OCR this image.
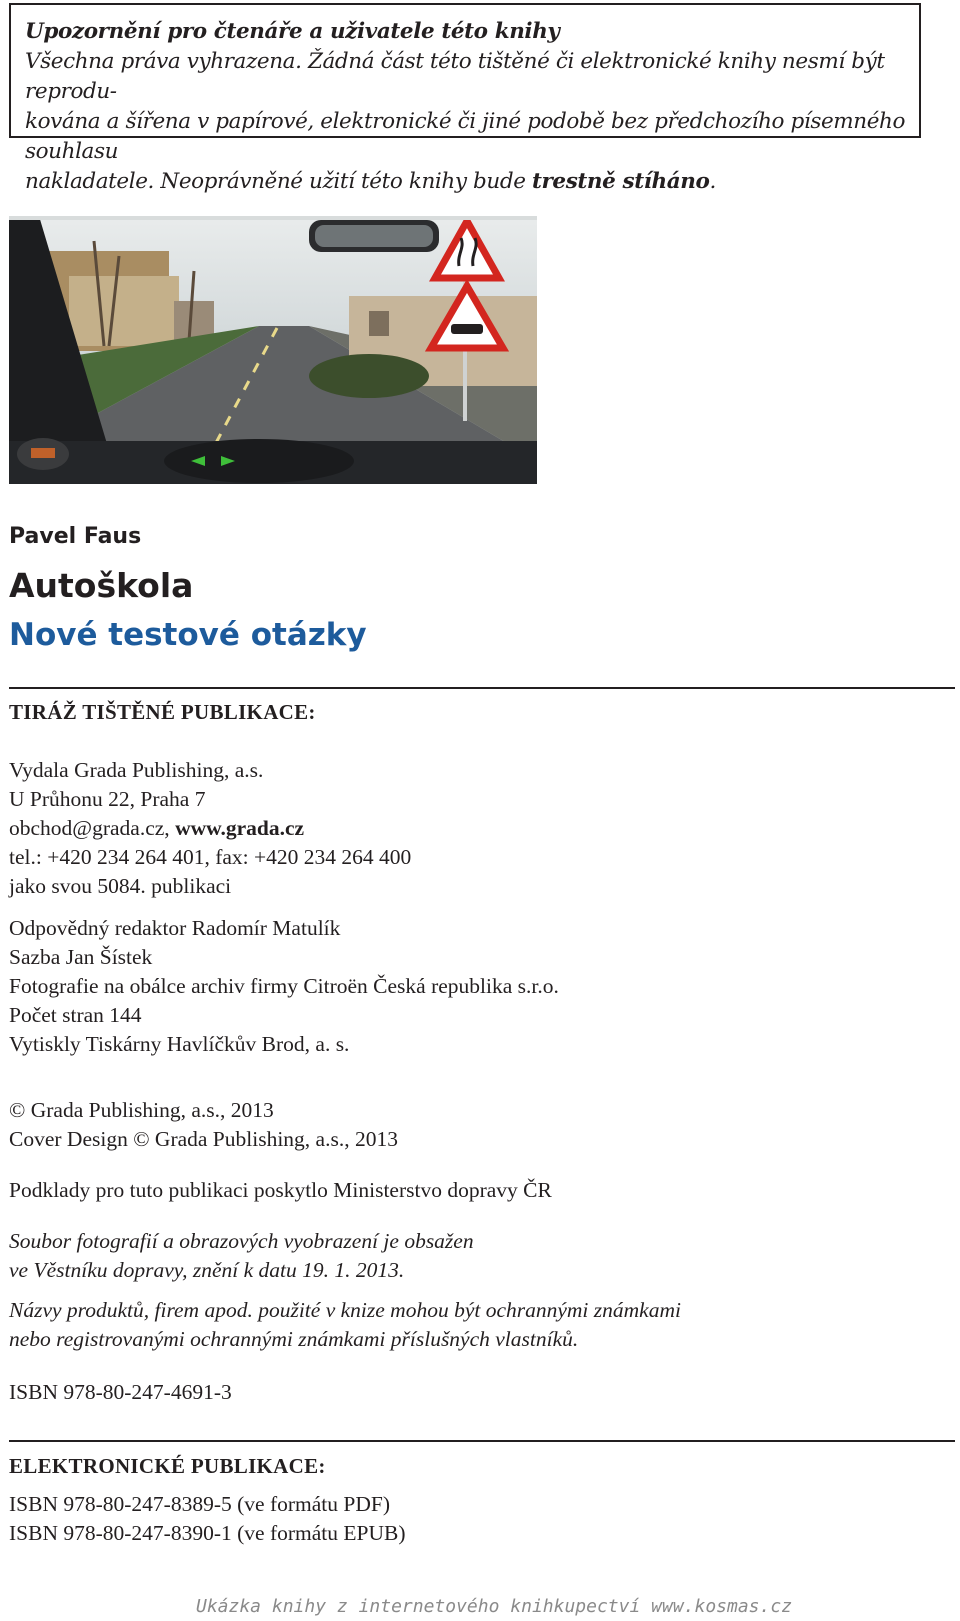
Upozornění pro čtenáře a uživatele této knihy
Všechna práva vyhrazena. Žádná část této tištěné či elektronické knihy nesmí být reprodu-
kována a šířena v papírové, elektronické či jiné podobě bez předchozího písemného souhlasu
nakladatele. Neoprávněné užití této knihy bude trestně stíháno.
Pavel Faus
Autoškola
Nové testové otázky
TIRÁŽ TIŠTĚNÉ PUBLIKACE:
Vydala Grada Publishing, a.s.
U Průhonu 22, Praha 7
obchod@grada.cz, www.grada.cz
tel.: +420 234 264 401, fax: +420 234 264 400
jako svou 5084. publikaci
Odpovědný redaktor Radomír Matulík
Sazba Jan Šístek
Fotografie na obálce archiv firmy Citroën Česká republika s.r.o.
Počet stran 144
Vytiskly Tiskárny Havlíčkův Brod, a. s.
© Grada Publishing, a.s., 2013
Cover Design © Grada Publishing, a.s., 2013
Podklady pro tuto publikaci poskytlo Ministerstvo dopravy ČR
Soubor fotografií a obrazových vyobrazení je obsažen
ve Věstníku dopravy, znění k datu 19. 1. 2013.
Názvy produktů, firem apod. použité v knize mohou být ochrannými známkami
nebo registrovanými ochrannými známkami příslušných vlastníků.
ISBN 978-80-247-4691-3
ELEKTRONICKÉ PUBLIKACE:
ISBN 978-80-247-8389-5 (ve formátu PDF)
ISBN 978-80-247-8390-1 (ve formátu EPUB)
Ukázka knihy z internetového knihkupectví www.kosmas.cz
